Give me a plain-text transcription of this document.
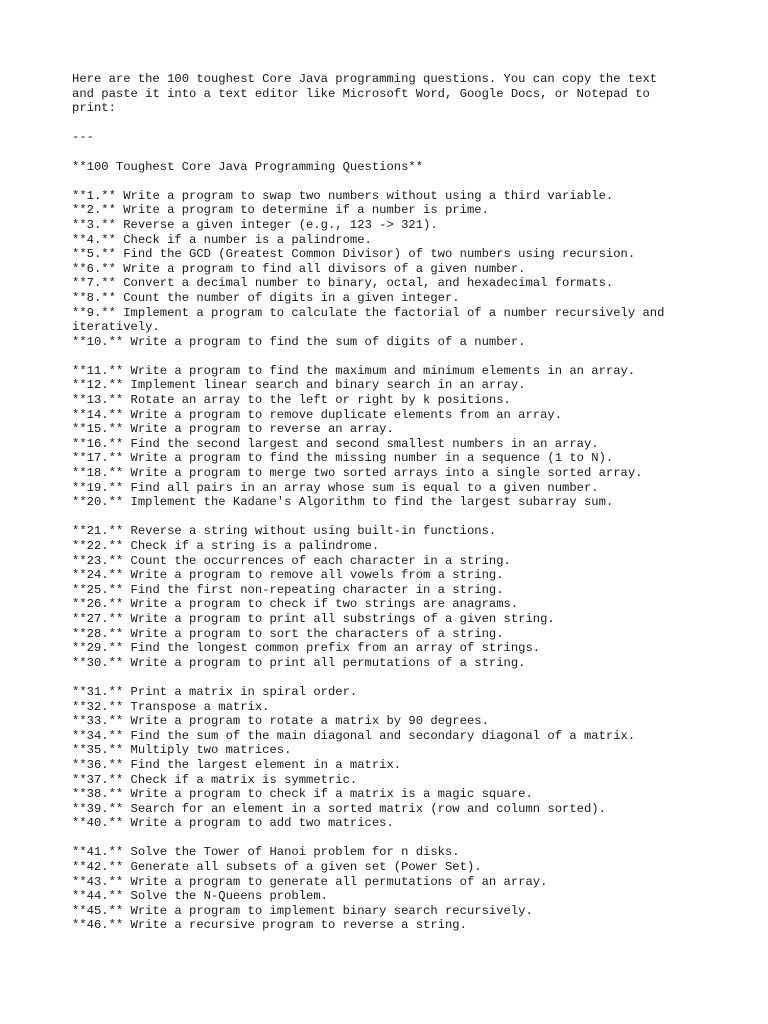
Here are the 100 toughest Core Java programming questions. You can copy the text
and paste it into a text editor like Microsoft Word, Google Docs, or Notepad to
print:
---
**100 Toughest Core Java Programming Questions**
**1.** Write a program to swap two numbers without using a third variable.
**2.** Write a program to determine if a number is prime.
**3.** Reverse a given integer (e.g., 123 -> 321).
**4.** Check if a number is a palindrome.
**5.** Find the GCD (Greatest Common Divisor) of two numbers using recursion.
**6.** Write a program to find all divisors of a given number.
**7.** Convert a decimal number to binary, octal, and hexadecimal formats.
**8.** Count the number of digits in a given integer.
**9.** Implement a program to calculate the factorial of a number recursively and
iteratively.
**10.** Write a program to find the sum of digits of a number.
**11.** Write a program to find the maximum and minimum elements in an array.
**12.** Implement linear search and binary search in an array.
**13.** Rotate an array to the left or right by k positions.
**14.** Write a program to remove duplicate elements from an array.
**15.** Write a program to reverse an array.
**16.** Find the second largest and second smallest numbers in an array.
**17.** Write a program to find the missing number in a sequence (1 to N).
**18.** Write a program to merge two sorted arrays into a single sorted array.
**19.** Find all pairs in an array whose sum is equal to a given number.
**20.** Implement the Kadane's Algorithm to find the largest subarray sum.
**21.** Reverse a string without using built-in functions.
**22.** Check if a string is a palindrome.
**23.** Count the occurrences of each character in a string.
**24.** Write a program to remove all vowels from a string.
**25.** Find the first non-repeating character in a string.
**26.** Write a program to check if two strings are anagrams.
**27.** Write a program to print all substrings of a given string.
**28.** Write a program to sort the characters of a string.
**29.** Find the longest common prefix from an array of strings.
**30.** Write a program to print all permutations of a string.
**31.** Print a matrix in spiral order.
**32.** Transpose a matrix.
**33.** Write a program to rotate a matrix by 90 degrees.
**34.** Find the sum of the main diagonal and secondary diagonal of a matrix.
**35.** Multiply two matrices.
**36.** Find the largest element in a matrix.
**37.** Check if a matrix is symmetric.
**38.** Write a program to check if a matrix is a magic square.
**39.** Search for an element in a sorted matrix (row and column sorted).
**40.** Write a program to add two matrices.
**41.** Solve the Tower of Hanoi problem for n disks.
**42.** Generate all subsets of a given set (Power Set).
**43.** Write a program to generate all permutations of an array.
**44.** Solve the N-Queens problem.
**45.** Write a program to implement binary search recursively.
**46.** Write a recursive program to reverse a string.
